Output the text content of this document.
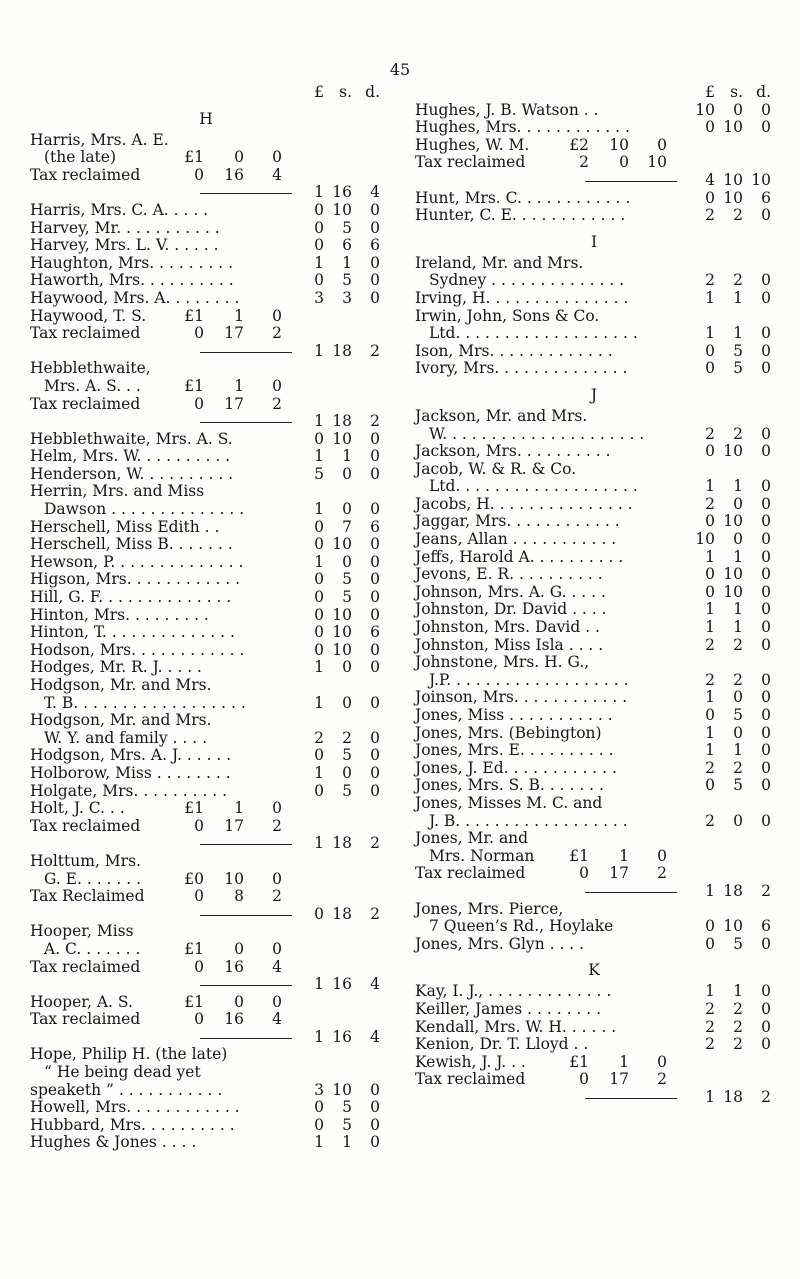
45
£ s. d.
H
Harris, Mrs. A. E.
(the late)	£1	0	0
Tax reclaimed	0 16	4
1 16	4
Harris, Mrs. C. A. . . . .	0 10	0
Harvey, Mr. . . . . . . . . . .	0	5	0
Harvey, Mrs. L. V. . . . . .	0	6	6
Haughton, Mrs. . . . . . . . .	1	1	0
Haworth, Mrs. . . . . . . . . .	0	5	0
Haywood, Mrs. A. . . . . . . .	3	3	0
Haywood, T. S. £1	1	0
Tax reclaimed	0 17	2
1 18	2
Hebblethwaite,
Mrs. A. S. . .	£1	1	0
Tax reclaimed	0 17	2
1 18	2
Hebblethwaite, Mrs. A. S.	0 10	0
Helm, Mrs. W. . . . . . . . . .	1	1	0
Henderson, W. . . . . . . . . .	5	0	0
Herrin, Mrs. and Miss
Dawson . . . . . . . . . . . . . .	1	0	0
Herschell, Miss Edith . .	0	7	6
Herschell, Miss B. . . . . . .	0 10	0
Hewson, P. . . . . . . . . . . . . .	1	0	0
Higson, Mrs. . . . . . . . . . . .	0	5	0
Hill, G. F. . . . . . . . . . . . . .	0	5	0
Hinton, Mrs. . . . . . . . .	0 10	0
Hinton, T. . . . . . . . . . . . . .	0 10	6
Hodson, Mrs. . . . . . . . . . . .	0 10	0
Hodges, Mr. R. J. . . . .	1	0	0
Hodgson, Mr. and Mrs.
T. B. . . . . . . . . . . . . . . . . .	1	0	0
Hodgson, Mr. and Mrs.
W. Y. and family . . . .	2	2	0
Hodgson, Mrs. A. J. . . . . .	0	5	0
Holborow, Miss . . . . . . . .	1	0	0
Holgate, Mrs. . . . . . . . . .	0	5	0
Holt, J. C. . .	£1	1	0
Tax reclaimed	0 17	2
1 18	2
Holttum, Mrs.
G. E. . . . . . .	£0 10	0
Tax Reclaimed	0	8	2
0 18	2
Hooper, Miss
A. C. . . . . . .	£1	0	0
Tax reclaimed	0 16	4
1 16	4
Hooper, A. S.	£1	0	0
Tax reclaimed	0 16	4
1 16	4
Hope, Philip H. (the late)
“ He being dead yet
speaketh ” . . . . . . . . . . .	3 10	0
Howell, Mrs. . . . . . . . . . . .	0	5	0
Hubbard, Mrs. . . . . . . . . .	0	5	0
Hughes & Jones . . . .	1	1	0
£ s. d.
Hughes, J. B. Watson . .	10	0	0
Hughes, Mrs. . . . . . . . . . . .	0 10	0
Hughes, W. M.	£2 10	0
Tax reclaimed	2	0 10
4 10 10
Hunt, Mrs. C. . . . . . . . . . . .	0 10	6
Hunter, C. E. . . . . . . . . . . .	2	2	0
I
Ireland, Mr. and Mrs.
Sydney . . . . . . . . . . . . . .	2	2	0
Irving, H. . . . . . . . . . . . . . .	1	1	0
Irwin, John, Sons & Co.
Ltd. . . . . . . . . . . . . . . . . . .	1	1	0
Ison, Mrs. . . . . . . . . . . . .	0	5	0
Ivory, Mrs. . . . . . . . . . . . . .	0	5	0
J
Jackson, Mr. and Mrs.
W. . . . . . . . . . . . . . . . . . . . .	2	2	0
Jackson, Mrs. . . . . . . . . .	0 10	0
Jacob, W. & R. & Co.
Ltd. . . . . . . . . . . . . . . . . . .	1	1	0
Jacobs, H. . . . . . . . . . . . . . .	2	0	0
Jaggar, Mrs. . . . . . . . . . . .	0 10	0
Jeans, Allan . . . . . . . . . . .	10	0	0
Jeffs, Harold A. . . . . . . . . .	1	1	0
Jevons, E. R. . . . . . . . . .	0 10	0
Johnson, Mrs. A. G. . . . .	0 10	0
Johnston, Dr. David . . . .	1	1	0
Johnston, Mrs. David . .	1	1	0
Johnston, Miss Isla . . . .	2	2	0
Johnstone, Mrs. H. G.,
J.P. . . . . . . . . . . . . . . . . . .	2	2	0
Joinson, Mrs. . . . . . . . . . . .	1	0	0
Jones, Miss . . . . . . . . . . .	0	5	0
Jones, Mrs. (Bebington)	1	0	0
Jones, Mrs. E. . . . . . . . . .	1	1	0
Jones, J. Ed. . . . . . . . . . . .	2	2	0
Jones, Mrs. S. B. . . . . . .	0	5	0
Jones, Misses M. C. and
J. B. . . . . . . . . . . . . . . . . .	2	0	0
Jones, Mr. and
Mrs. Norman £1	1	0
Tax reclaimed	0 17	2
1 18	2
Jones, Mrs. Pierce,
7 Queen’s Rd., Hoylake	0 10	6
Jones, Mrs. Glyn . . . .	0	5	0
K
Kay, I. J., . . . . . . . . . . . . .	1	1	0
Keiller, James . . . . . . . .	2	2	0
Kendall, Mrs. W. H. . . . . .	2	2	0
Kenion, Dr. T. Lloyd . .	2	2	0
Kewish, J. J. . .	£1	1	0
Tax reclaimed	0 17	2
1 18	2
